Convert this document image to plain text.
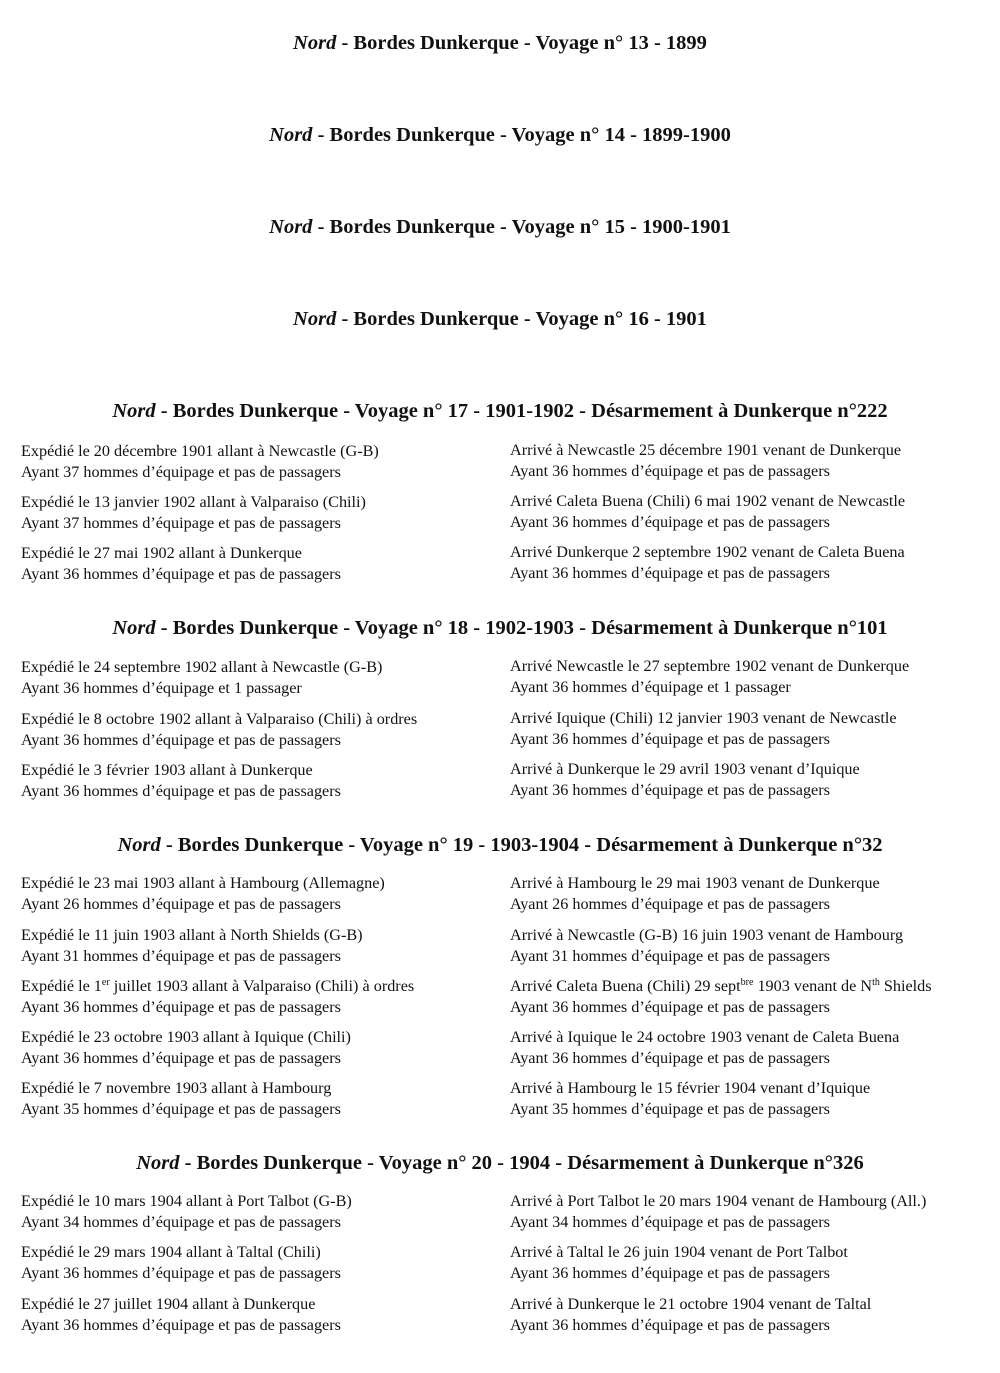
Nord - Bordes Dunkerque - Voyage n° 13 - 1899
Nord - Bordes Dunkerque - Voyage n° 14 - 1899-1900
Nord - Bordes Dunkerque - Voyage n° 15 - 1900-1901
Nord - Bordes Dunkerque - Voyage n° 16 - 1901
Nord - Bordes Dunkerque - Voyage n° 17 - 1901-1902 - Désarmement à Dunkerque n°222
Expédié le 20 décembre 1901 allant à Newcastle (G-B)
Ayant 37 hommes d’équipage et pas de passagers
Arrivé à Newcastle 25 décembre 1901 venant de Dunkerque
Ayant 36 hommes d’équipage et pas de passagers
Expédié le 13 janvier 1902 allant à Valparaiso (Chili)
Ayant 37 hommes d’équipage et pas de passagers
Arrivé Caleta Buena (Chili) 6 mai 1902 venant de Newcastle
Ayant 36 hommes d’équipage et pas de passagers
Expédié le 27 mai 1902 allant à Dunkerque
Ayant 36 hommes d’équipage et pas de passagers
Arrivé Dunkerque 2 septembre 1902 venant de Caleta Buena
Ayant 36 hommes d’équipage et pas de passagers
Nord - Bordes Dunkerque - Voyage n° 18 - 1902-1903 - Désarmement à Dunkerque n°101
Expédié le 24 septembre 1902 allant à Newcastle (G-B)
Ayant 36 hommes d’équipage et 1 passager
Arrivé Newcastle le 27 septembre 1902 venant de Dunkerque
Ayant 36 hommes d’équipage et 1 passager
Expédié le 8 octobre 1902 allant à Valparaiso (Chili) à ordres
Ayant 36 hommes d’équipage et pas de passagers
Arrivé Iquique (Chili) 12 janvier 1903 venant de Newcastle
Ayant 36 hommes d’équipage et pas de passagers
Expédié le 3 février 1903 allant à Dunkerque
Ayant 36 hommes d’équipage et pas de passagers
Arrivé à Dunkerque le 29 avril 1903 venant d’Iquique
Ayant 36 hommes d’équipage et pas de passagers
Nord - Bordes Dunkerque - Voyage n° 19 - 1903-1904 - Désarmement à Dunkerque n°32
Expédié le 23 mai 1903 allant à Hambourg (Allemagne)
Ayant 26 hommes d’équipage et pas de passagers
Arrivé à Hambourg le 29 mai 1903 venant de Dunkerque
Ayant 26 hommes d’équipage et pas de passagers
Expédié le 11 juin 1903 allant à North Shields (G-B)
Ayant 31 hommes d’équipage et pas de passagers
Arrivé à Newcastle (G-B) 16 juin 1903 venant de Hambourg
Ayant 31 hommes d’équipage et pas de passagers
Expédié le 1er juillet 1903 allant à Valparaiso (Chili) à ordres
Ayant 36 hommes d’équipage et pas de passagers
Arrivé Caleta Buena (Chili) 29 sept$^{bre}$ 1903 venant de $N^{th}$ Shields
Ayant 36 hommes d’équipage et pas de passagers
Expédié le 23 octobre 1903 allant à Iquique (Chili)
Ayant 36 hommes d’équipage et pas de passagers
Arrivé à Iquique le 24 octobre 1903 venant de Caleta Buena
Ayant 36 hommes d’équipage et pas de passagers
Expédié le 7 novembre 1903 allant à Hambourg
Ayant 35 hommes d’équipage et pas de passagers
Arrivé à Hambourg le 15 février 1904 venant d’Iquique
Ayant 35 hommes d’équipage et pas de passagers
Nord - Bordes Dunkerque - Voyage n° 20 - 1904 - Désarmement à Dunkerque n°326
Expédié le 10 mars 1904 allant à Port Talbot (G-B)
Ayant 34 hommes d’équipage et pas de passagers
Arrivé à Port Talbot le 20 mars 1904 venant de Hambourg (All.)
Ayant 34 hommes d’équipage et pas de passagers
Expédié le 29 mars 1904 allant à Taltal (Chili)
Ayant 36 hommes d’équipage et pas de passagers
Arrivé à Taltal le 26 juin 1904 venant de Port Talbot
Ayant 36 hommes d’équipage et pas de passagers
Expédié le 27 juillet 1904 allant à Dunkerque
Ayant 36 hommes d’équipage et pas de passagers
Arrivé à Dunkerque le 21 octobre 1904 venant de Taltal
Ayant 36 hommes d’équipage et pas de passagers
